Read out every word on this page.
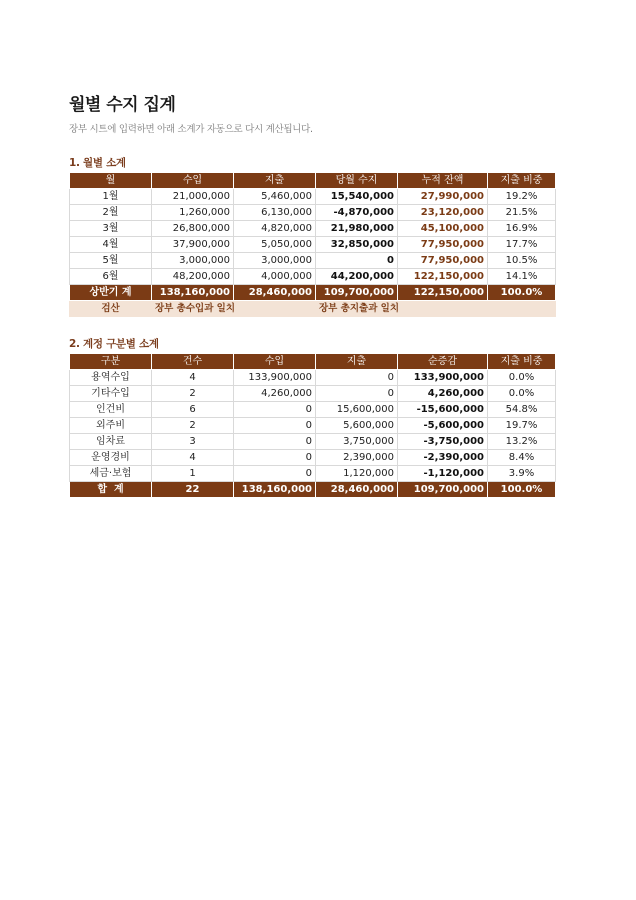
월별 수지 집계
장부 시트에 입력하면 아래 소계가 자동으로 다시 계산됩니다.
1. 월별 소계
월	수입	지출	당월 수지	누적 잔액	지출 비중
1월	21,000,000	5,460,000	15,540,000	27,990,000	19.2%
2월	1,260,000	6,130,000	-4,870,000	23,120,000	21.5%
3월	26,800,000	4,820,000	21,980,000	45,100,000	16.9%
4월	37,900,000	5,050,000	32,850,000	77,950,000	17.7%
5월	3,000,000	3,000,000	0	77,950,000	10.5%
6월	48,200,000	4,000,000	44,200,000	122,150,000	14.1%
상반기 계	138,160,000	28,460,000	109,700,000	122,150,000	100.0%
검산	장부 총수입과 일치		장부 총지출과 일치		
2. 계정 구분별 소계
구분	건수	수입	지출	순증감	지출 비중
용역수입	4	133,900,000	0	133,900,000	0.0%
기타수입	2	4,260,000	0	4,260,000	0.0%
인건비	6	0	15,600,000	-15,600,000	54.8%
외주비	2	0	5,600,000	-5,600,000	19.7%
임차료	3	0	3,750,000	-3,750,000	13.2%
운영경비	4	0	2,390,000	-2,390,000	8.4%
세금·보험	1	0	1,120,000	-1,120,000	3.9%
합  계	22	138,160,000	28,460,000	109,700,000	100.0%
